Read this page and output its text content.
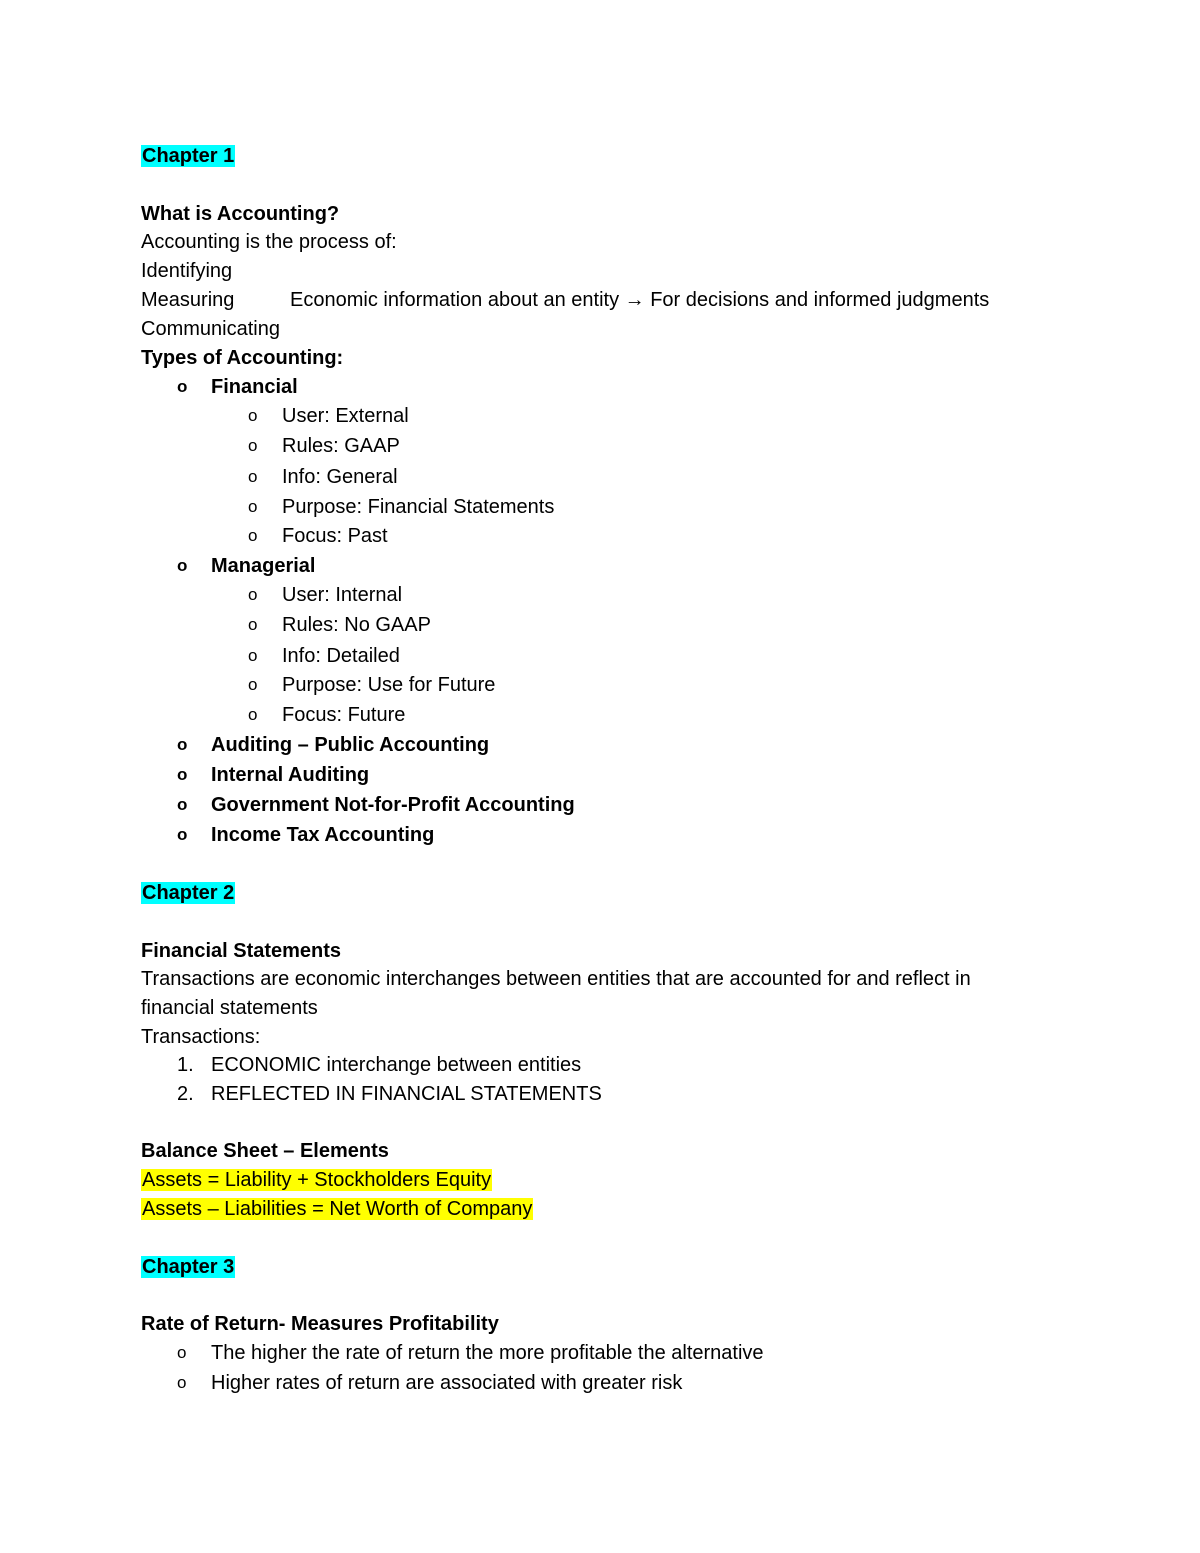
Chapter 1
What is Accounting?
Accounting is the process of:
Identifying
Measuring	Economic information about an entity → For decisions and informed judgments
Communicating
Types of Accounting:
o Financial
o User: External
o Rules: GAAP
o Info: General
o Purpose: Financial Statements
o Focus: Past
o Managerial
o User: Internal
o Rules: No GAAP
o Info: Detailed
o Purpose: Use for Future
o Focus: Future
o Auditing – Public Accounting
o Internal Auditing
o Government Not-for-Profit Accounting
o Income Tax Accounting
Chapter 2
Financial Statements
Transactions are economic interchanges between entities that are accounted for and reflect in
financial statements
Transactions:
1. ECONOMIC interchange between entities
2. REFLECTED IN FINANCIAL STATEMENTS
Balance Sheet – Elements
Assets = Liability + Stockholders Equity
Assets – Liabilities = Net Worth of Company
Chapter 3
Rate of Return- Measures Profitability
o The higher the rate of return the more profitable the alternative
o Higher rates of return are associated with greater risk
